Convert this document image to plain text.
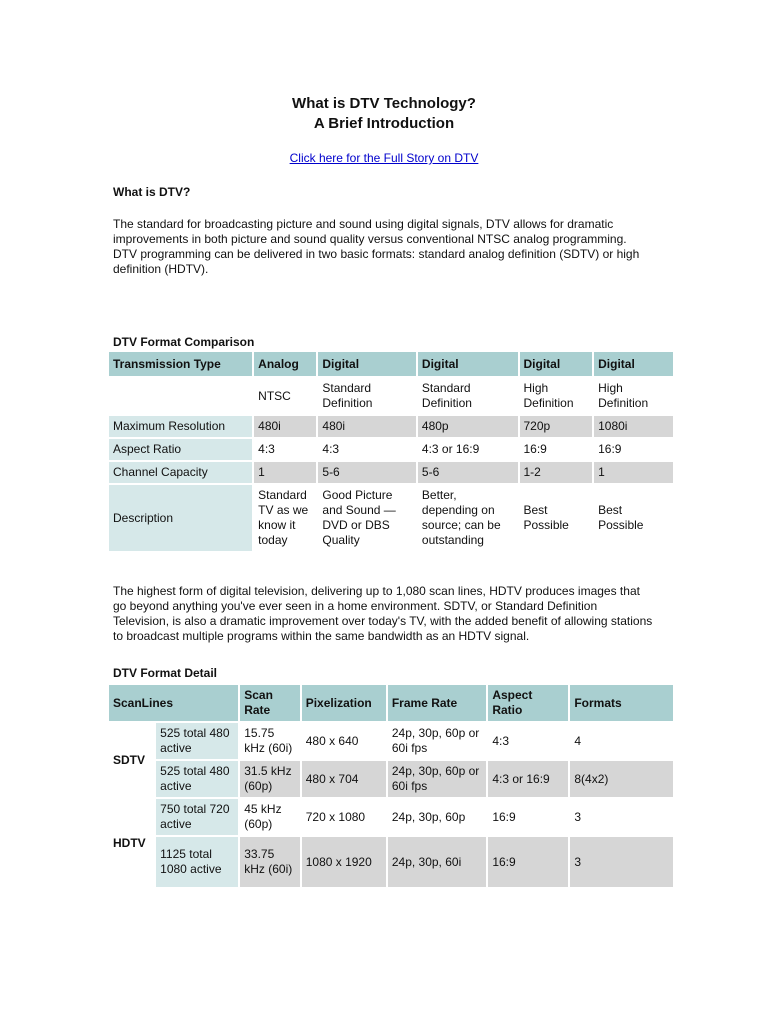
What is DTV Technology?
A Brief Introduction
Click here for the Full Story on DTV
What is DTV?
The standard for broadcasting picture and sound using digital signals, DTV allows for dramatic improvements in both picture and sound quality versus conventional NTSC analog programming. DTV programming can be delivered in two basic formats: standard analog definition (SDTV) or high definition (HDTV).
DTV Format Comparison
Transmission Type	Analog	Digital	Digital	Digital	Digital
	NTSC	Standard Definition	Standard Definition	High Definition	High Definition
Maximum Resolution	480i	480i	480p	720p	1080i
Aspect Ratio	4:3	4:3	4:3 or 16:9	16:9	16:9
Channel Capacity	1	5-6	5-6	1-2	1
Description	Standard TV as we know it today	Good Picture and Sound — DVD or DBS Quality	Better, depending on source; can be outstanding	Best Possible	Best Possible
The highest form of digital television, delivering up to 1,080 scan lines, HDTV produces images that go beyond anything you've ever seen in a home environment. SDTV, or Standard Definition Television, is also a dramatic improvement over today's TV, with the added benefit of allowing stations to broadcast multiple programs within the same bandwidth as an HDTV signal.
DTV Format Detail
ScanLines		Scan Rate	Pixelization	Frame Rate	Aspect Ratio	Formats
SDTV	525 total 480 active	15.75 kHz (60i)	480 x 640	24p, 30p, 60p or 60i fps	4:3	4
	525 total 480 active	31.5 kHz (60p)	480 x 704	24p, 30p, 60p or 60i fps	4:3 or 16:9	8(4x2)
HDTV	750 total 720 active	45 kHz (60p)	720 x 1080	24p, 30p, 60p	16:9	3
	1125 total 1080 active	33.75 kHz (60i)	1080 x 1920	24p, 30p, 60i	16:9	3
